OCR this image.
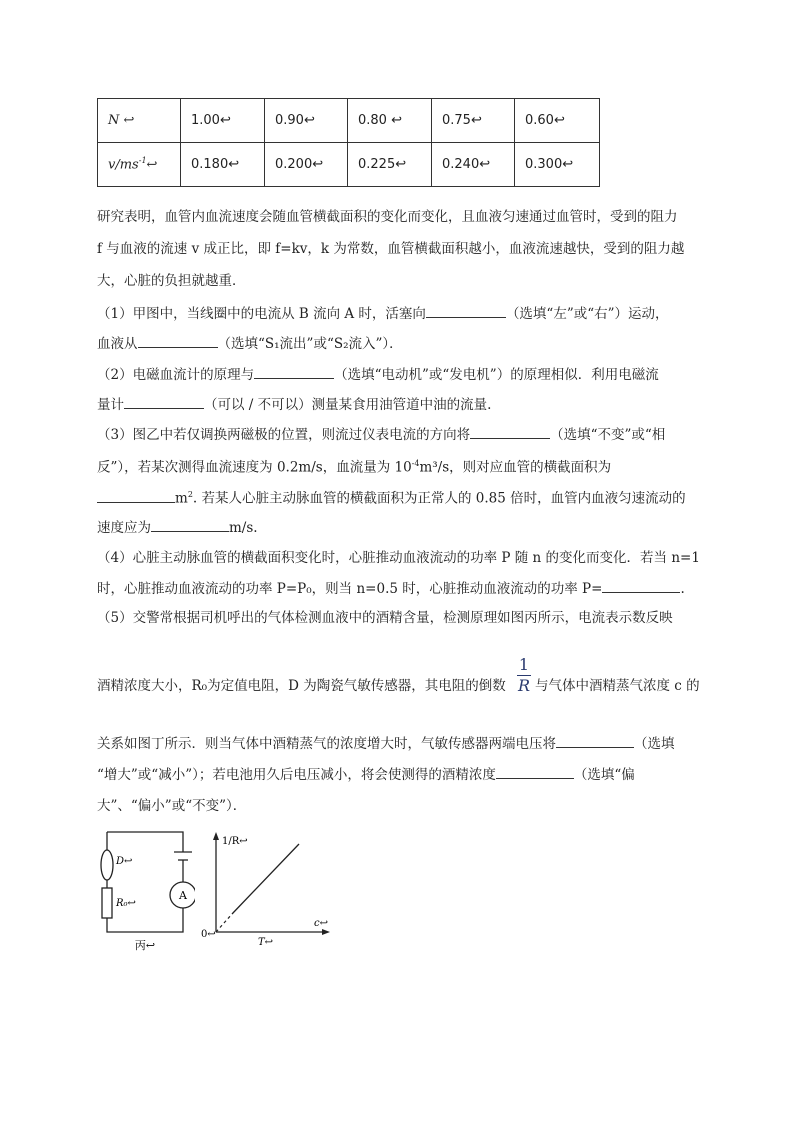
N ↩	1.00↩	0.90↩	0.80 ↩	0.75↩	0.60↩
$v/ms^{-1}↩$	0.180↩	0.200↩	0.225↩	0.240↩	0.300↩
研究表明，血管内血流速度会随血管横截面积的变化而变化，且血液匀速通过血管时，受到的阻力
f 与血液的流速 v 成正比，即 f=kv，k 为常数，血管横截面积越小，血液流速越快，受到的阻力越
大，心脏的负担就越重．
（1）甲图中，当线圈中的电流从 B 流向 A 时，活塞向	（选填“左”或“右”）运动，
血液从	（选填“S₁流出”或“S₂流入”）．
（2）电磁血流计的原理与	（选填“电动机”或“发电机”）的原理相似．利用电磁流
量计	（可以 / 不可以）测量某食用油管道中油的流量.
（3）图乙中若仅调换两磁极的位置，则流过仪表电流的方向将	（选填“不变”或“相
反”），若某次测得血流速度为 0.2m/s，血流量为 $10^{-4}m^3/s$，则对应血管的横截面积为
$m^2$. 若某人心脏主动脉血管的横截面积为正常人的 0.85 倍时，血管内血液匀速流动的
速度应为	m/s.
（4）心脏主动脉血管的横截面积变化时，心脏推动血液流动的功率 P 随 n 的变化而变化．若当 n=1
时，心脏推动血液流动的功率 P=P₀，则当 n=0.5 时，心脏推动血液流动的功率 P=	.
（5）交警常根据司机呼出的气体检测血液中的酒精含量，检测原理如图丙所示，电流表示数反映
酒精浓度大小，R₀为定值电阻，D 为陶瓷气敏传感器，其电阻的倒数
1
R 与气体中酒精蒸气浓度 c 的
关系如图丁所示．则当气体中酒精蒸气的浓度增大时，气敏传感器两端电压将	（选填
“增大”或“减小”）；若电池用久后电压减小，将会使测得的酒精浓度	（选填“偏
大”、“偏小”或“不变”）．
A
D↩
R₀↩
丙↩
1/R↩
c↩
0↩
T↩
